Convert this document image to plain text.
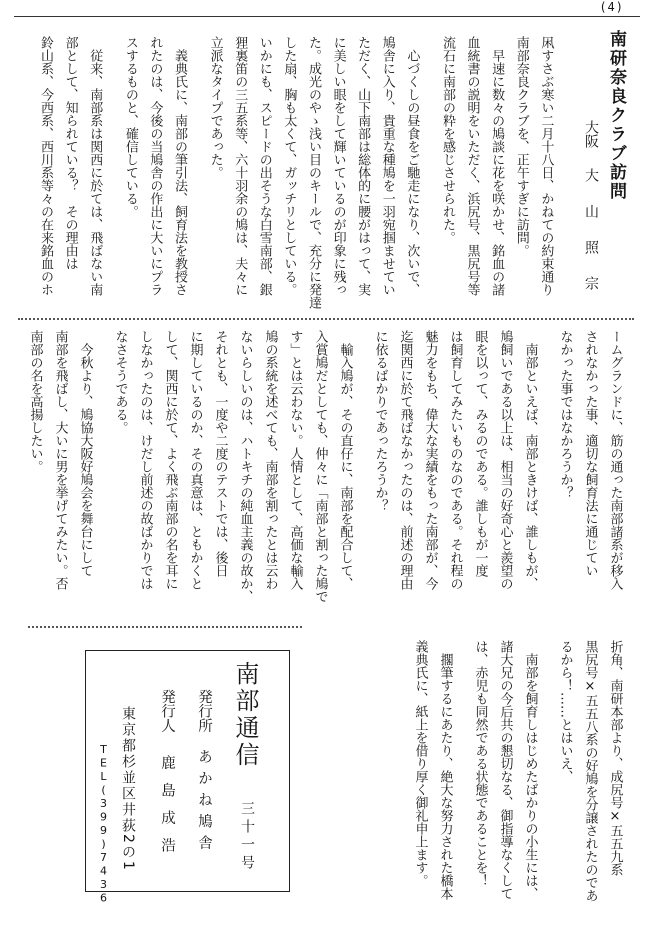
(4)
南研奈良クラブ訪問
大阪大山照宗
凩すさぶ寒い二月十八日、かねての約束通り
南部奈良クラブを、正午すぎに訪問。
早速に数々の鳩談に花を咲かせ、銘血の諸
血統書の説明をいただく、浜尻号、黒尻号等
流石に南部の粋を感じさせられた。
心づくしの昼食をご馳走になり、次いで、
鳩舎に入り、貴重な種鳩を一羽宛掴ませてい
ただく、山下南部は総体的に腰がはって、実
に美しい眼をして輝いているのが印象に残っ
た。成光のやゝ浅い目のキールで、充分に発達
した扇、胸も太くて、ガッチリとしている。
いかにも、スピードの出そうな白雪南部、銀
狸裏笛の三五系等、六十羽余の鳩は、夫々に
立派なタイプであった。
義典氏に、南部の筆引法、飼育法を教授さ
れたのは、今後の当鳩舎の作出に大いにプラ
スするものと、確信している。
従来、南部系は関西に於ては、飛ばない南
部として、知られている？　その理由は
鈴山系、今西系、西川系等々の在来銘血のホ
ームグランドに、筋の通った南部諸系が移入
されなかった事、適切な飼育法に通じてい
なかった事ではなかろうか？
南部といえば、南部ときけば、誰しもが、
鳩飼いである以上は、相当の好奇心と羨望の
眼を以って、みるのである。誰しもが一度
は飼育してみたいものなのである。それ程の
魅力をもち、偉大な実績をもった南部が、今
迄関西に於て飛ばなかったのは、前述の理由
に依るばかりであったろうか？
輸入鳩が、その直仔に、南部を配合して、
入賞鳩だとしても、仲々に「南部と割った鳩で
す」とは云わない。人情として、高価な輸入
鳩の系統を述べても、南部を割ったとは云わ
ないらしいのは、ハトキチの純血主義の故か、
それとも、一度や二度のテストでは、後日
に期しているのか、その真意は、ともかくと
して、関西に於て、よく飛ぶ南部の名を耳に
しなかったのは、けだし前述の故ばかりでは
なさそうである。
今秋より、鳩協大阪好鳩会を舞台にして
南部を飛ばし、大いに男を挙げてみたい。否
南部の名を高揚したい。
折角、南研本部より、成尻号×五五九系
黒尻号×五五八系の好鳩を分譲されたのであ
るから！……とはいえ、
南部を飼育しはじめたばかりの小生には、
諸大兄の今后共の懇切なる、御指導なくして
は、赤児も同然である状態であることを！
擱筆するにあたり、絶大な努力された橋本
義典氏に、紙上を借り厚く御礼申上ます。
南部通信
三十一号
発行所あかね鳩舎
発行人鹿島成浩
東京都杉並区井荻2の1
TEL(399)7436
